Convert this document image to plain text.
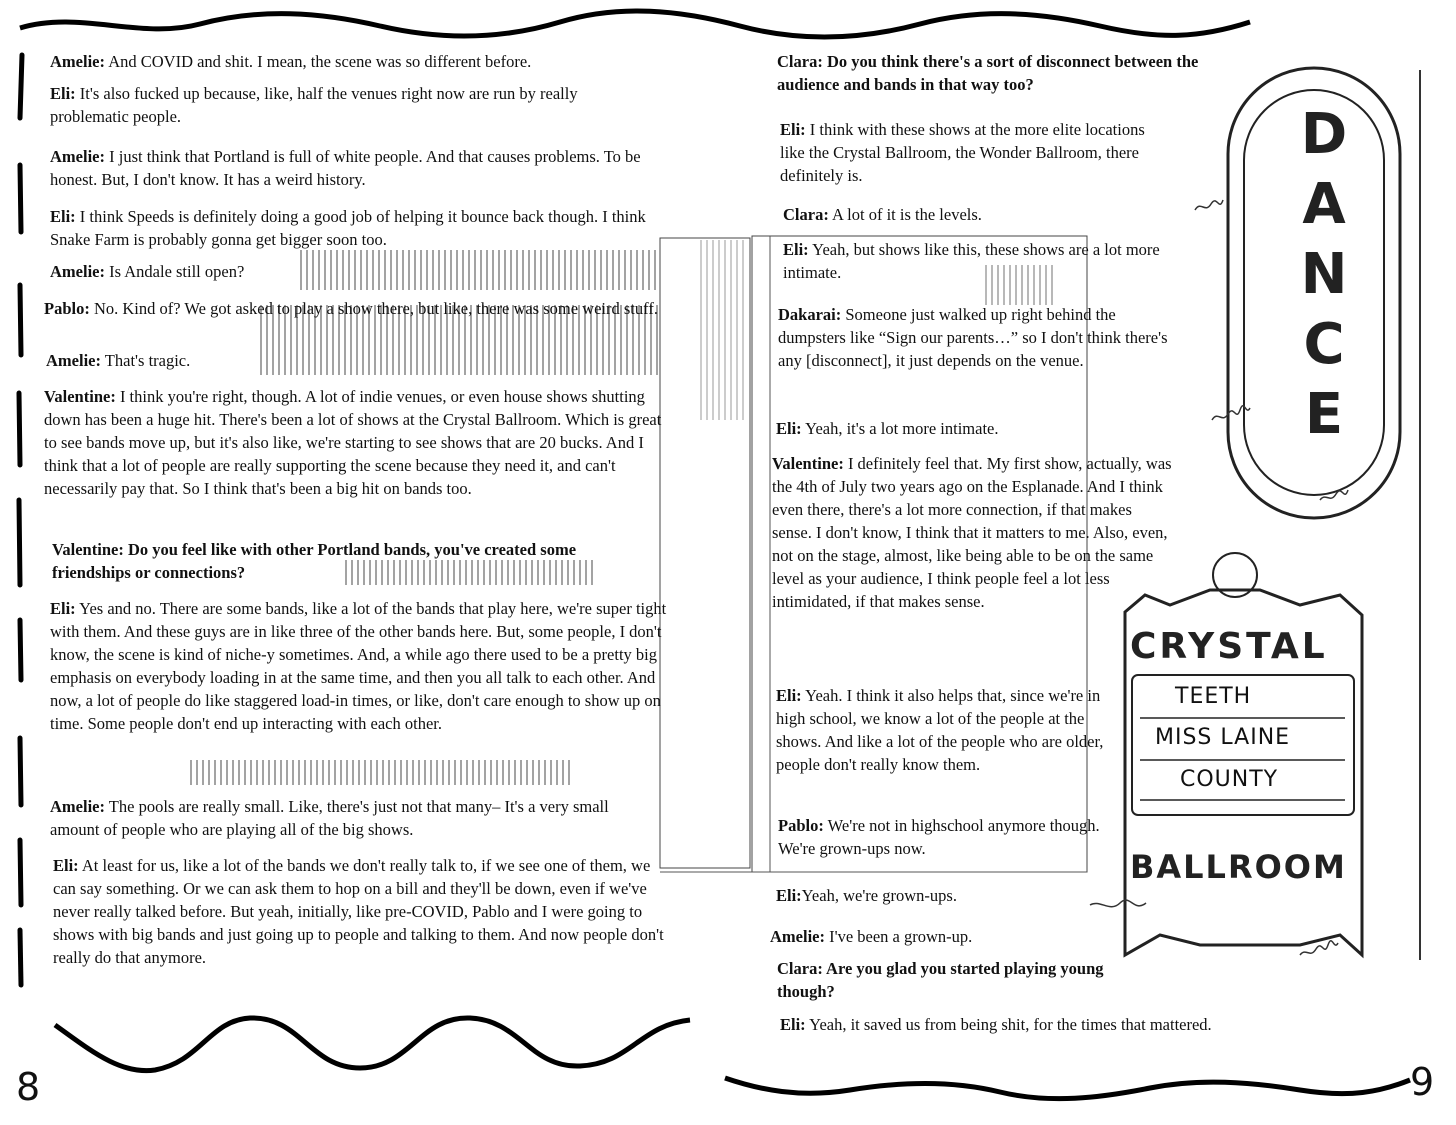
Amelie: And COVID and shit. I mean, the scene was so different before.

Eli: It's also fucked up because, like, half the venues right now are run by really problematic people.

Amelie: I just think that Portland is full of white people. And that causes problems. To be honest. But, I don't know. It has a weird history.

Eli: I think Speeds is definitely doing a good job of helping it bounce back though. I think Snake Farm is probably gonna get bigger soon too.

Amelie: Is Andale still open?

Pablo: No. Kind of? We got asked to play a show there, but like, there was some weird stuff.

Amelie: That's tragic.

Valentine: I think you're right, though. A lot of indie venues, or even house shows shutting down has been a huge hit. There's been a lot of shows at the Crystal Ballroom. Which is great to see bands move up, but it's also like, we're starting to see shows that are 20 bucks. And I think that a lot of people are really supporting the scene because they need it, and can't necessarily pay that. So I think that's been a big hit on bands too.

Valentine: Do you feel like with other Portland bands, you've created some friendships or connections?

Eli: Yes and no. There are some bands, like a lot of the bands that play here, we're super tight with them. And these guys are in like three of the other bands here. But, some people, I don't know, the scene is kind of niche-y sometimes. And, a while ago there used to be a pretty big emphasis on everybody loading in at the same time, and then you all talk to each other. And now, a lot of people do like staggered load-in times, or like, don't care enough to show up on time. Some people don't end up interacting with each other.

Amelie: The pools are really small. Like, there's just not that many– It's a very small amount of people who are playing all of the big shows.

Eli: At least for us, like a lot of the bands we don't really talk to, if we see one of them, we can say something. Or we can ask them to hop on a bill and they'll be down, even if we've never really talked before. But yeah, initially, like pre-COVID, Pablo and I were going to shows with big bands and just going up to people and talking to them. And now people don't really do that anymore.

Clara: Do you think there's a sort of disconnect between the audience and bands in that way too?

Eli: I think with these shows at the more elite locations like the Crystal Ballroom, the Wonder Ballroom, there definitely is.

Clara: A lot of it is the levels.

Eli: Yeah, but shows like this, these shows are a lot more intimate.

Dakarai: Someone just walked up right behind the dumpsters like “Sign our parents…” so I don't think there's any [disconnect], it just depends on the venue.

Eli: Yeah, it's a lot more intimate.

Valentine: I definitely feel that. My first show, actually, was the 4th of July two years ago on the Esplanade. And I think even there, there's a lot more connection, if that makes sense. I don't know, I think that it matters to me. Also, even, not on the stage, almost, like being able to be on the same level as your audience, I think people feel a lot less intimidated, if that makes sense.

Eli: Yeah. I think it also helps that, since we're in high school, we know a lot of the people at the shows. And like a lot of the people who are older, people don't really know them.

Pablo: We're not in highschool anymore though. We're grown-ups now.

Eli:Yeah, we're grown-ups.

Amelie: I've been a grown-up.

Clara: Are you glad you started playing young though?

Eli: Yeah, it saved us from being shit, for the times that mattered.

DANCE
CRYSTAL
TEETH
MISS LAINE
COUNTY
BALLROOM
8	9
